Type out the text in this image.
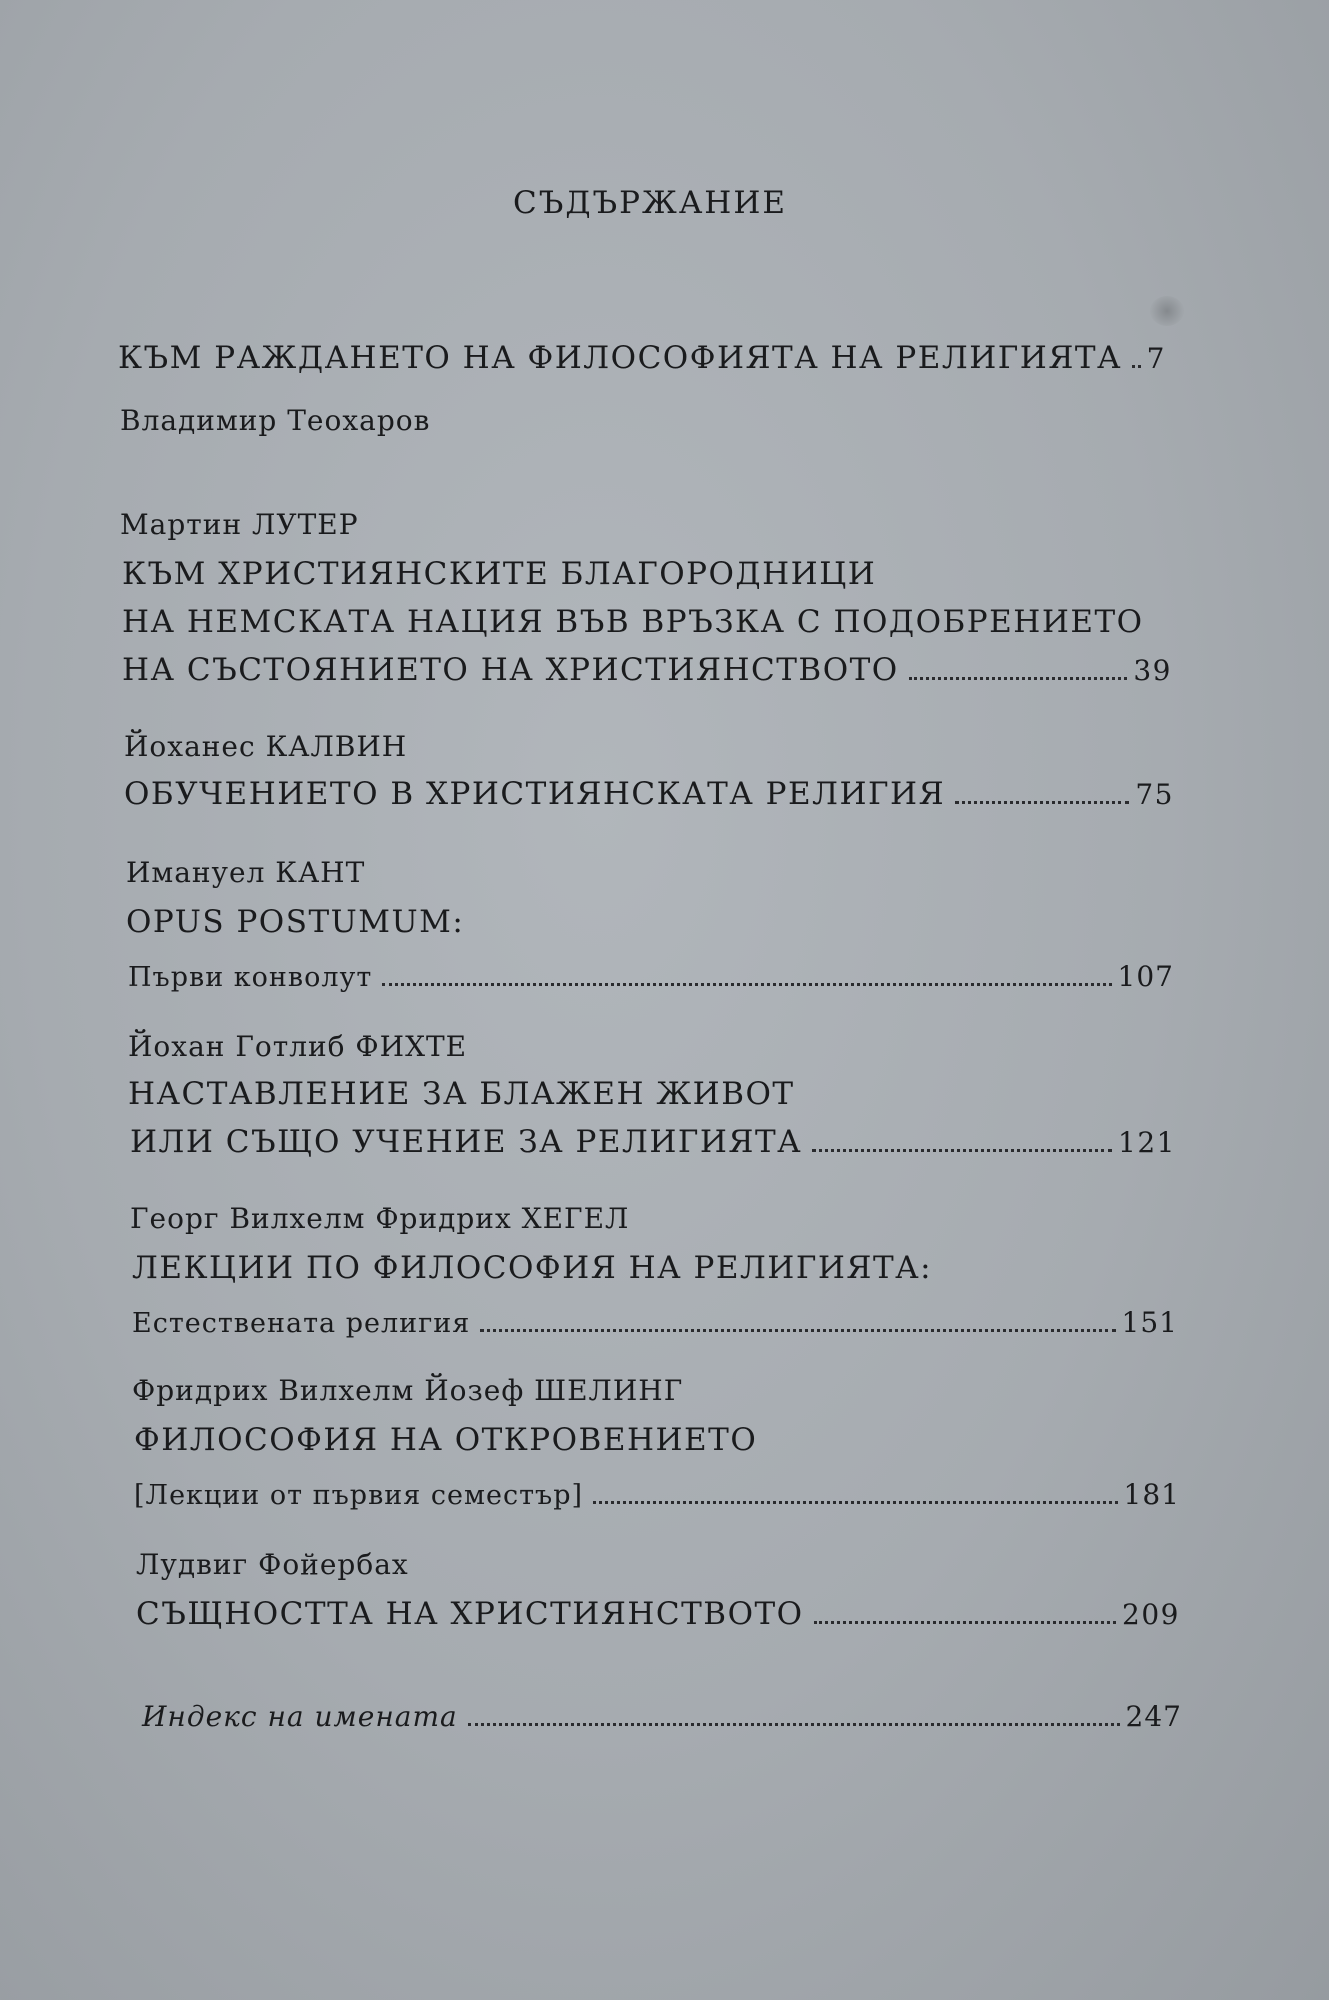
СЪДЪРЖАНИЕ
КЪМ РАЖДАНЕТО НА ФИЛОСОФИЯТА НА РЕЛИГИЯТА 7
Владимир Теохаров
Мартин ЛУТЕР
КЪМ ХРИСТИЯНСКИТЕ БЛАГОРОДНИЦИ
НА НЕМСКАТА НАЦИЯ ВЪВ ВРЪЗКА С ПОДОБРЕНИЕТО
НА СЪСТОЯНИЕТО НА ХРИСТИЯНСТВОТО	39
Йоханес КАЛВИН
ОБУЧЕНИЕТО В ХРИСТИЯНСКАТА РЕЛИГИЯ	75
Имануел КАНТ
OPUS POSTUMUM:
Първи конволут	107
Йохан Готлиб ФИХТЕ
НАСТАВЛЕНИЕ ЗА БЛАЖЕН ЖИВОТ
ИЛИ СЪЩО УЧЕНИЕ ЗА РЕЛИГИЯТА	121
Георг Вилхелм Фридрих ХЕГЕЛ
ЛЕКЦИИ ПО ФИЛОСОФИЯ НА РЕЛИГИЯТА:
Естествената религия	151
Фридрих Вилхелм Йозеф ШЕЛИНГ
ФИЛОСОФИЯ НА ОТКРОВЕНИЕТО
[Лекции от първия семестър]	181
Лудвиг Фойербах
СЪЩНОСТТА НА ХРИСТИЯНСТВОТО	209
Индекс на имената	247
